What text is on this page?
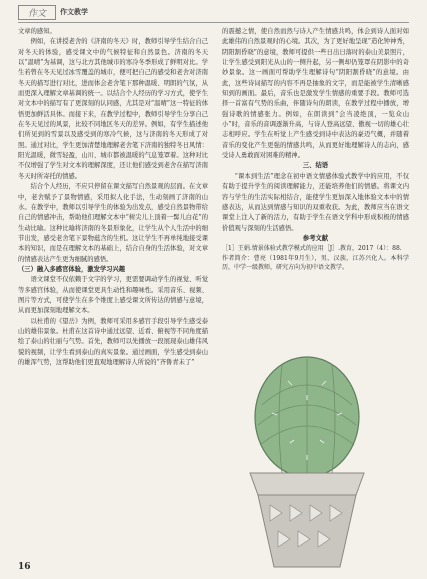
作文 作文教学

文章的感知。

例如，在讲授老舍的《济南的冬天》时，教师引导学生结合自己对冬天的体验，感受课文中的气候特征和自然景色。济南的冬天以“温晴”为基调，这与北方其他城市的寒冷冬季形成了鲜明对比。学生若曾在冬天见过冰雪覆盖的城市，便可把自己的感受和老舍对济南冬天的描写进行对比，进而体会老舍笔下那种温暖、明朗的气氛，从而更深入理解文章基调的统一。以结合个人经历的学习方式，使学生对文本中的描写有了更深刻的认同感，尤其是对“温晴”这一特征的体悟更加鲜活具体。而接下来，在教学过程中，教师引导学生分享自己在冬天见过的风景，比较不同地区冬天的差异。例如，有学生描述他们所见到的雪景以及感受到的寒冷气候，这与济南的冬天形成了对照。通过对比，学生更加清楚地理解老舍笔下济南的独特冬日风情：阳光温暖，微雪轻盈，山川、城市都被温暖的气息笼罩着。这种对比不仅增强了学生对文本的理解深度，还让他们感受到老舍在描写济南冬天时所寄托的情感。

结合个人经历，不应只停留在课文描写自然景观的层面。在文章中，老舍赋予了景物情感，采用拟人化手法，生动刻画了济南的山水。在教学中，教师以引导学生的体验为出发点，感受自然景物带给自己的情感冲击，帮助他们理解文本中“树尖儿上顶着一髻儿白花”的生动比喻。这种比喻将济南的冬景形象化，让学生从个人生活中的细节出发，感受老舍笔下景物蕴含的生机。这让学生不再单纯地接受课本的知识，而是在理解文本的基础上，结合自身的生活体验，对文章的情感表达产生更为细腻的感悟。

（三）融入多感官体验，激发学习兴趣

语文课堂不仅依赖于文字的学习，更需要调动学生的视觉、听觉等多感官体验，从而使课堂更具生动性和趣味性。采用音乐、视频、图片等方式，可使学生在多个维度上感受课文所传达的情感与意境，从而更加深刻地理解文本。

以杜甫的《望岳》为例，教师可采用多感官手段引导学生感受泰山的雄伟景象。杜甫在这首诗中通过远望、近看、俯视等不同角度描绘了泰山的壮丽与气势。首先，教师可以先播放一段展现泰山雄伟风貌的视频，让学生看到泰山的真实景象。通过画面，学生感受到泰山的雄浑气势，这帮助他们更直观地理解诗人所说的“齐鲁青未了”

的震撼之情，使自然而然与诗人产生情感共鸣，体会到诗人面对如此雄伟的自然景观时的心境。其次，为了更好地呈现“造化钟神秀，阴阳割昏晓”的意境，教师可提供一些日出日落时的泰山美景照片，让学生感受到阳光从山的一侧升起，另一侧却仍笼罩在阴影中的奇妙景象。这一画面可帮助学生理解诗句“阴阳割昏晓”的意境。由此，这些诗词描写的内容不再是抽象的文字，而是能被学生清晰感知到的画面。最后，音乐也是激发学生情感的重要手段。教师可选择一首富有气势的乐曲，伴随诗句的朗读，在教学过程中播放，增强诗歌的情感张力。例如，在朗读到“会当凌绝顶，一览众山小”时，音乐的音调逐渐升高，与诗人登高远望、傲视一切的雄心壮志相呼应。学生在听觉上产生感受到诗中表达的豪迈气概，并随着音乐的变化产生更强的情感共鸣，从而更好地理解诗人的志向，感受诗人勇敢面对困难的精神。

三、结语

“课本到生活”理念在初中语文情感体验式教学中的应用，不仅有助于提升学生的阅读理解能力，还能培养他们的情感。将课文内容与学生的生活实际相结合，能使学生更加深入地体验文本中的情感表达，从而达到情感与知识的双重收获。为此，教师应当在语文课堂上注入了新的活力，有助于学生在语文学科中形成积极的情感价值观与深刻的生活感悟。

参考文献

［1］王娟.情景体验式教学模式的应用［J］.教育，2017（4）：88.

作者简介：曹亮（1981年9月生），男，汉族，江苏兴化人。本科学历，中学一级教师，研究方向为初中语文教学。

16
